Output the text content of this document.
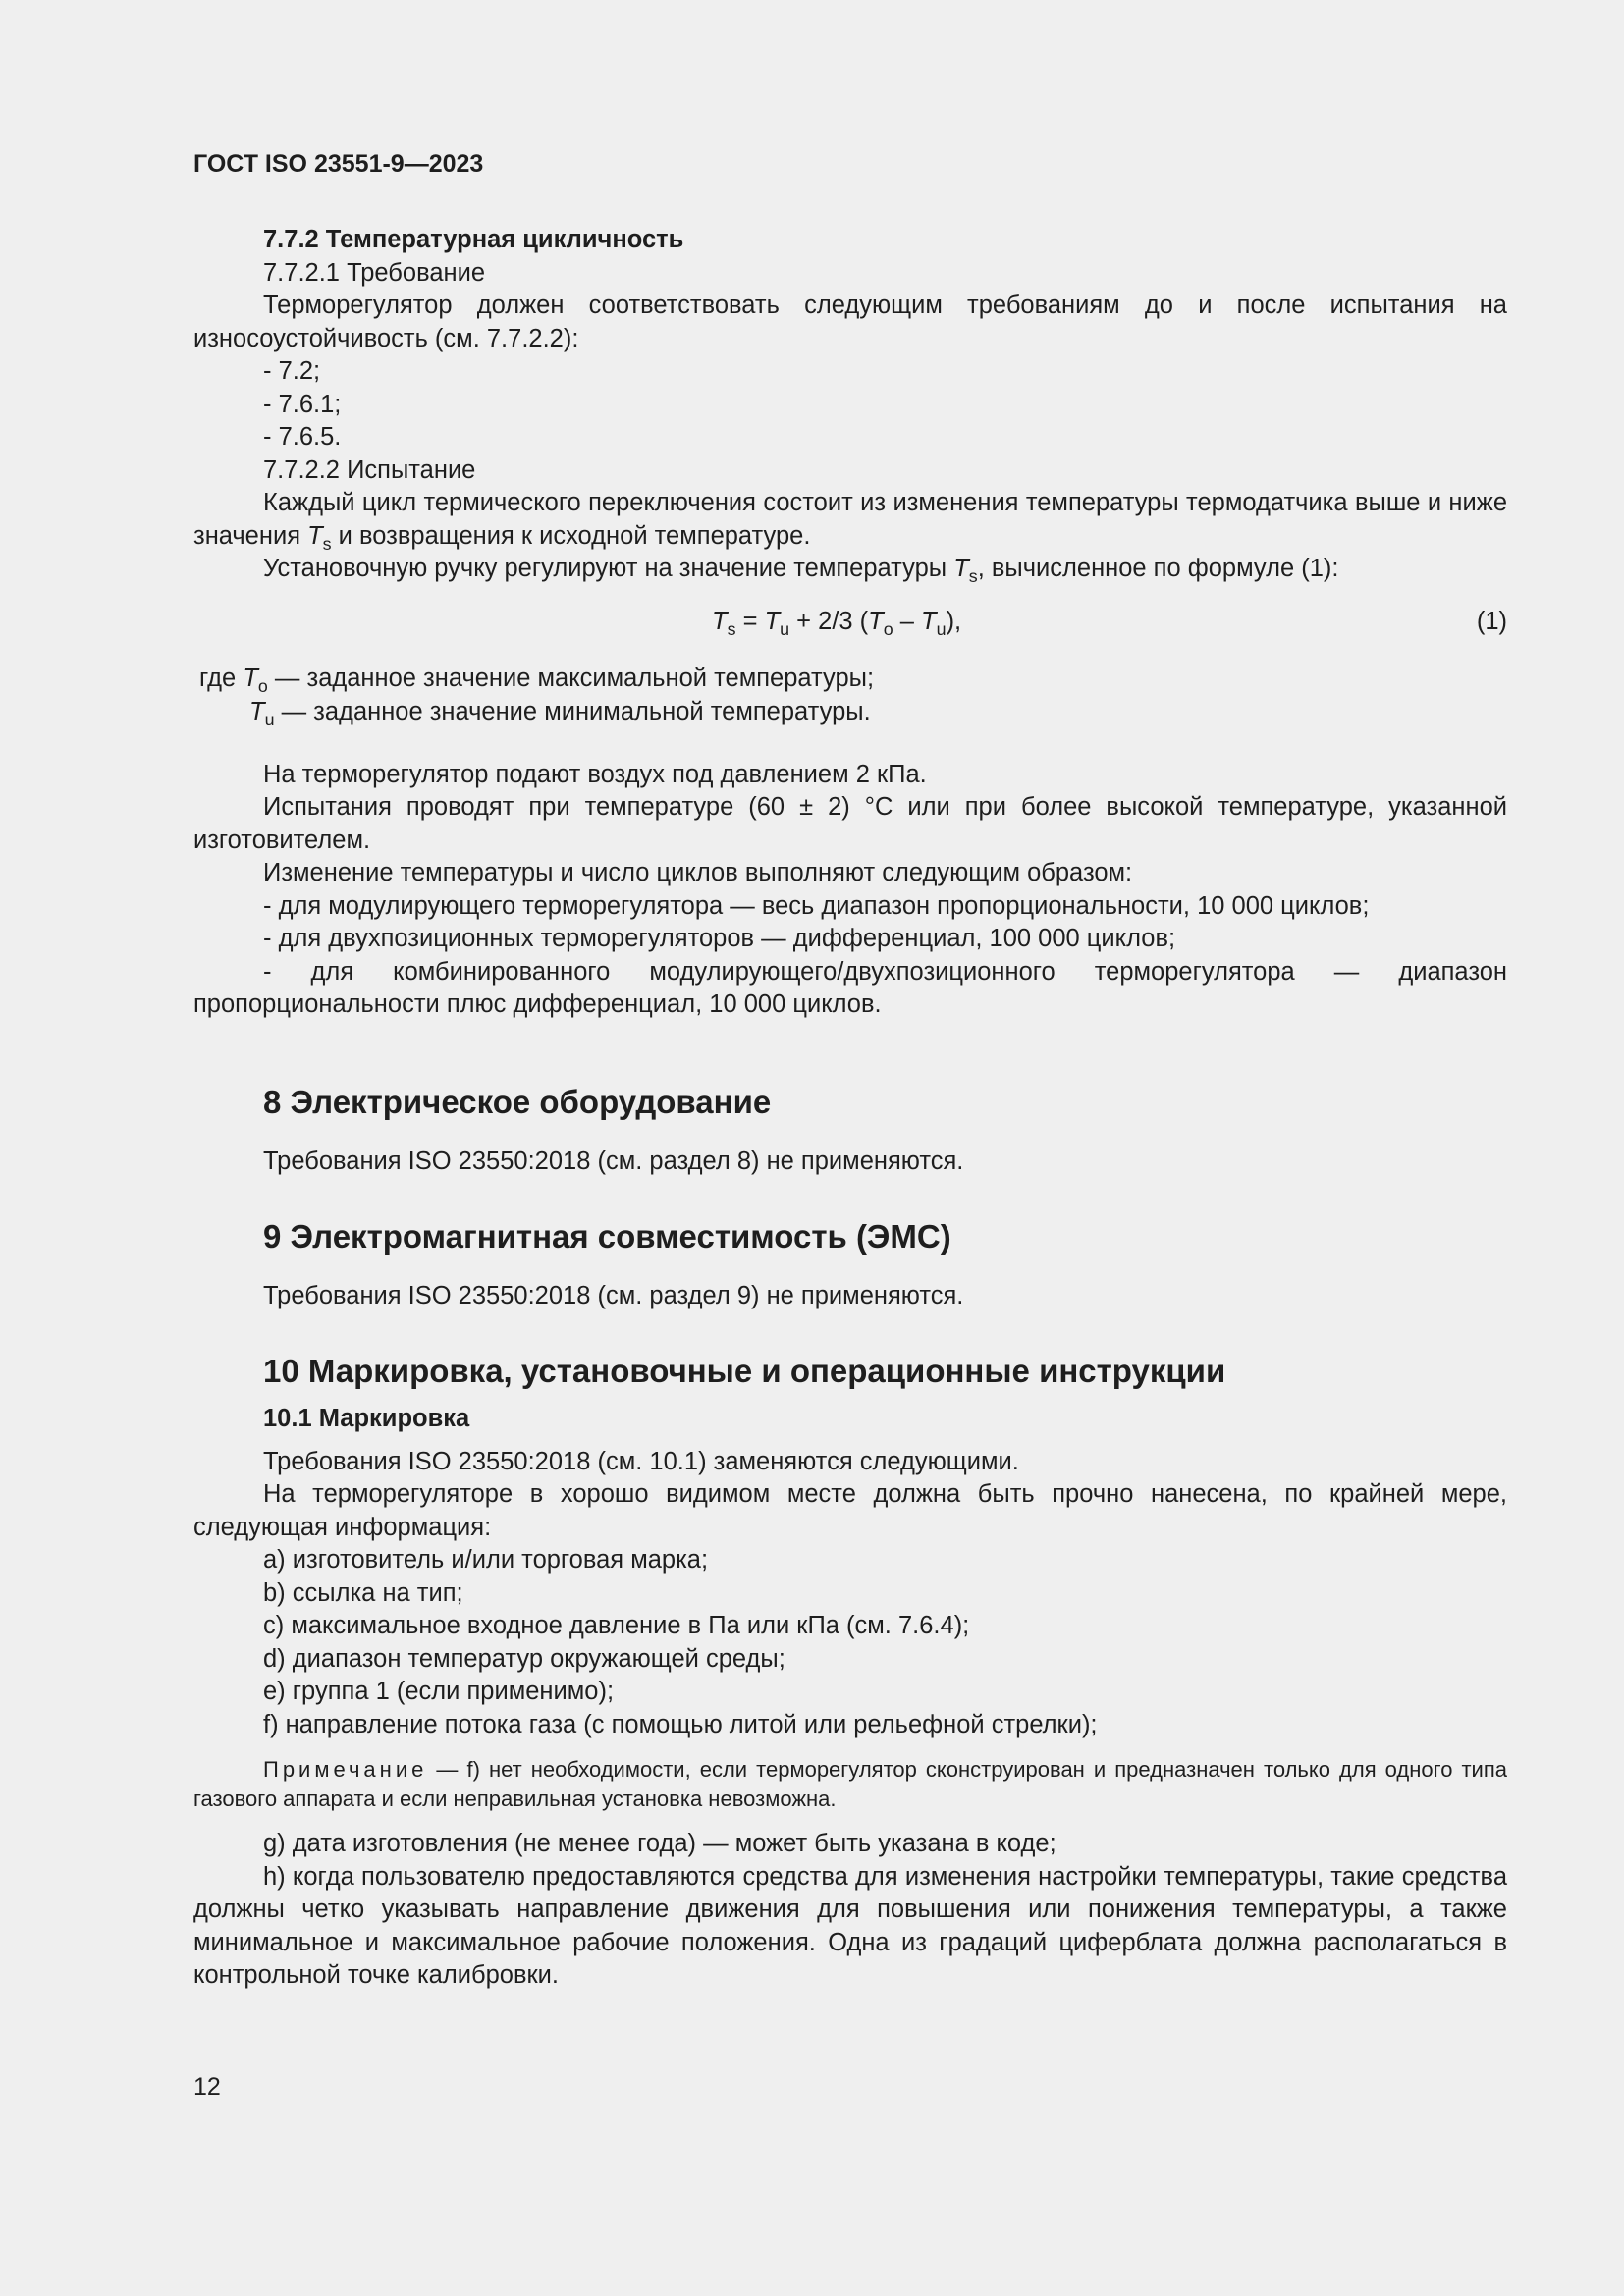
ГОСТ ISO 23551-9—2023

7.7.2 Температурная цикличность

7.7.2.1 Требование

Терморегулятор должен соответствовать следующим требованиям до и после испытания на износоустойчивость (см. 7.7.2.2):

- 7.2;

- 7.6.1;

- 7.6.5.

7.7.2.2 Испытание

Каждый цикл термического переключения состоит из изменения температуры термодатчика выше и ниже значения $T_s$ и возвращения к исходной температуре.

Установочную ручку регулируют на значение температуры $T_s$, вычисленное по формуле (1):

$T_s = T_u + 2/3$ $(T_o - T_u)$,	(1)
где $T_o$ — заданное значение максимальной температуры;
$T_u$ — заданное значение минимальной температуры.

На терморегулятор подают воздух под давлением 2 кПа.

Испытания проводят при температуре (60 ± 2) °С или при более высокой температуре, указанной изготовителем.

Изменение температуры и число циклов выполняют следующим образом:

- для модулирующего терморегулятора — весь диапазон пропорциональности, 10 000 циклов;

- для двухпозиционных терморегуляторов — дифференциал, 100 000 циклов;

- для комбинированного модулирующего/двухпозиционного терморегулятора — диапазон пропорциональности плюс дифференциал, 10 000 циклов.

8 Электрическое оборудование

Требования ISO 23550:2018 (см. раздел 8) не применяются.

9 Электромагнитная совместимость (ЭМС)

Требования ISO 23550:2018 (см. раздел 9) не применяются.

10 Маркировка, установочные и операционные инструкции

10.1 Маркировка

Требования ISO 23550:2018 (см. 10.1) заменяются следующими.

На терморегуляторе в хорошо видимом месте должна быть прочно нанесена, по крайней мере, следующая информация:

a) изготовитель и/или торговая марка;

b) ссылка на тип;

c) максимальное входное давление в Па или кПа (см. 7.6.4);

d) диапазон температур окружающей среды;

e) группа 1 (если применимо);

f) направление потока газа (с помощью литой или рельефной стрелки);

Примечание — f) нет необходимости, если терморегулятор сконструирован и предназначен только для одного типа газового аппарата и если неправильная установка невозможна.

g) дата изготовления (не менее года) — может быть указана в коде;

h) когда пользователю предоставляются средства для изменения настройки температуры, такие средства должны четко указывать направление движения для повышения или понижения температуры, а также минимальное и максимальное рабочие положения. Одна из градаций циферблата должна располагаться в контрольной точке калибровки.

12
